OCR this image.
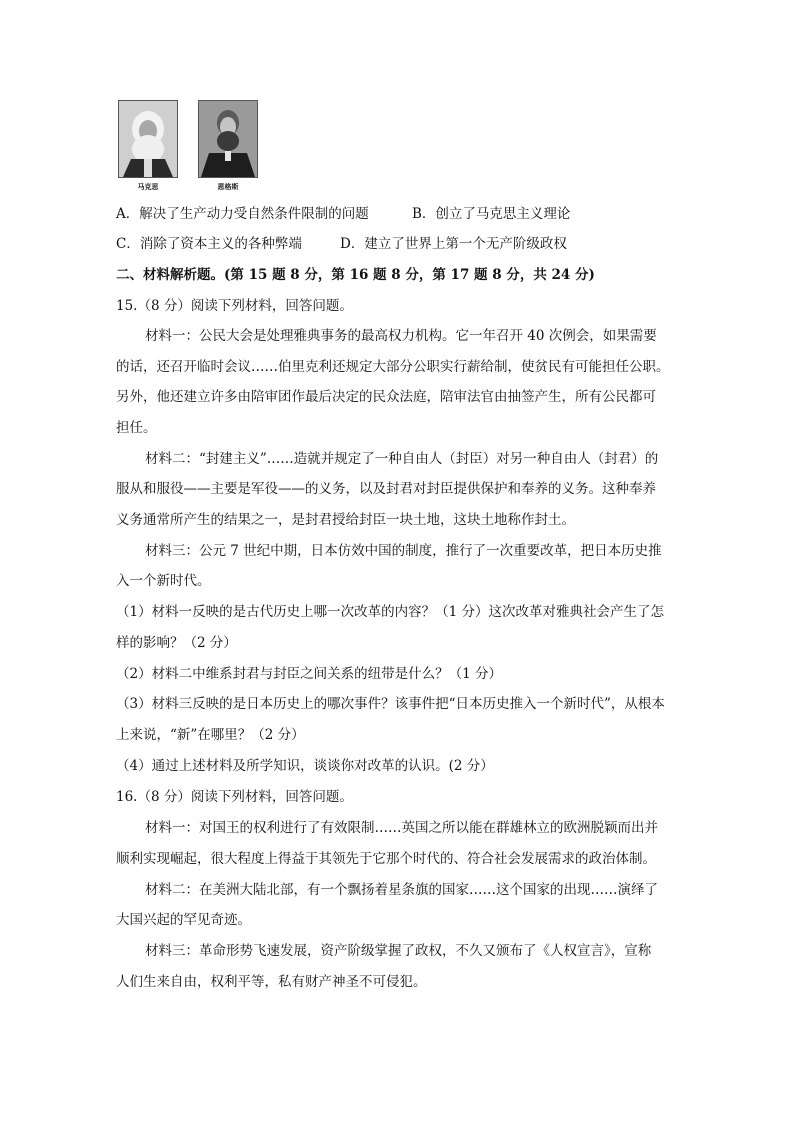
马克思	恩格斯
A．解决了生产动力受自然条件限制的问题	B．创立了马克思主义理论
C．消除了资本主义的各种弊端	D．建立了世界上第一个无产阶级政权
二、材料解析题。(第 15 题 8 分，第 16 题 8 分，第 17 题 8 分，共 24 分)
15.（8 分）阅读下列材料，回答问题。
材料一：公民大会是处理雅典事务的最高权力机构。它一年召开 40 次例会，如果需要
的话，还召开临时会议……伯里克利还规定大部分公职实行薪给制，使贫民有可能担任公职。
另外，他还建立许多由陪审团作最后决定的民众法庭，陪审法官由抽签产生，所有公民都可
担任。
材料二：“封建主义”……造就并规定了一种自由人（封臣）对另一种自由人（封君）的
服从和服役——主要是军役——的义务，以及封君对封臣提供保护和奉养的义务。这种奉养
义务通常所产生的结果之一，是封君授给封臣一块土地，这块土地称作封土。
材料三：公元 7 世纪中期，日本仿效中国的制度，推行了一次重要改革，把日本历史推
入一个新时代。
（1）材料一反映的是古代历史上哪一次改革的内容？（1 分）这次改革对雅典社会产生了怎
样的影响？（2 分）
（2）材料二中维系封君与封臣之间关系的纽带是什么？（1 分）
（3）材料三反映的是日本历史上的哪次事件？该事件把“日本历史推入一个新时代”，从根本
上来说，“新”在哪里？（2 分）
（4）通过上述材料及所学知识，谈谈你对改革的认识。(2 分）
16.（8 分）阅读下列材料，回答问题。
材料一：对国王的权利进行了有效限制……英国之所以能在群雄林立的欧洲脱颖而出并
顺利实现崛起，很大程度上得益于其领先于它那个时代的、符合社会发展需求的政治体制。
材料二：在美洲大陆北部，有一个飘扬着星条旗的国家……这个国家的出现……演绎了
大国兴起的罕见奇迹。
材料三：革命形势飞速发展，资产阶级掌握了政权，不久又颁布了《人权宣言》，宣称
人们生来自由，权利平等，私有财产神圣不可侵犯。
